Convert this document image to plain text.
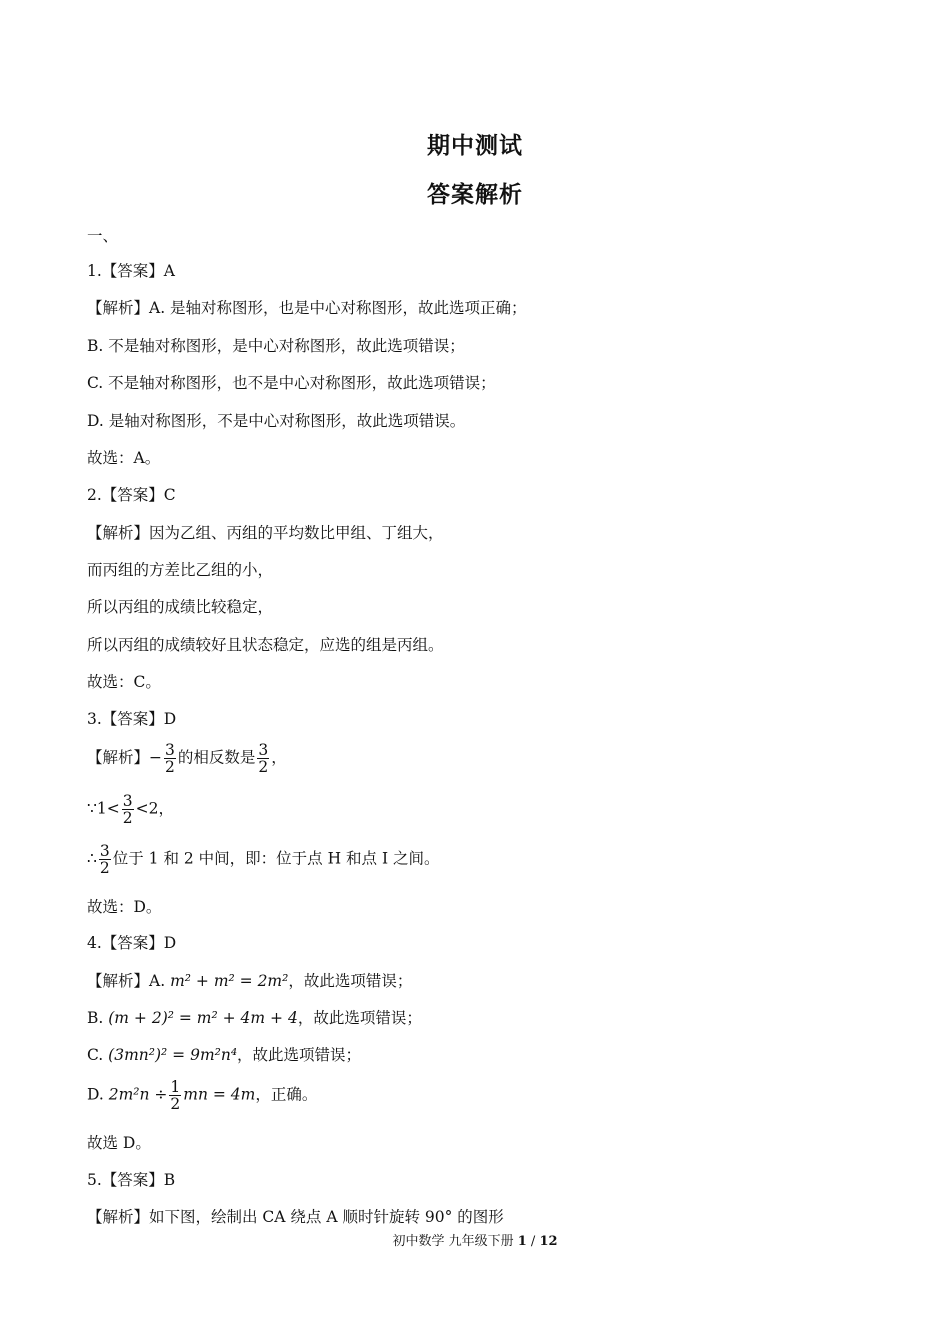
期中测试
答案解析
一、
1.【答案】A
【解析】A. 是轴对称图形，也是中心对称图形，故此选项正确；
B. 不是轴对称图形，是中心对称图形，故此选项错误；
C. 不是轴对称图形，也不是中心对称图形，故此选项错误；
D. 是轴对称图形，不是中心对称图形，故此选项错误。
故选：A。
2.【答案】C
【解析】因为乙组、丙组的平均数比甲组、丁组大，
而丙组的方差比乙组的小，
所以丙组的成绩比较稳定，
所以丙组的成绩较好且状态稳定，应选的组是丙组。
故选：C。
3.【答案】D
【解析】− $\frac{3}{2}$ 的相反数是 $\frac{3}{2}$ ，
∵1< $\frac{3}{2} <2$，
∴ $\frac{3}{2}$ 位于 1 和 2 中间，即：位于点 H 和点 I 之间。
故选：D。
4.【答案】D
【解析】A. m² + m² = 2m²，故此选项错误；
B. (m + 2)² = m² + 4m + 4，故此选项错误；
C. (3mn²)² = 9m²n⁴，故此选项错误；
D. $2m^2n \div \frac{1}{2}$ mn = 4m，正确。
故选 D。
5.【答案】B
【解析】如下图，绘制出 CA 绕点 A 顺时针旋转 90° 的图形
初中数学 九年级下册 1 / 12
